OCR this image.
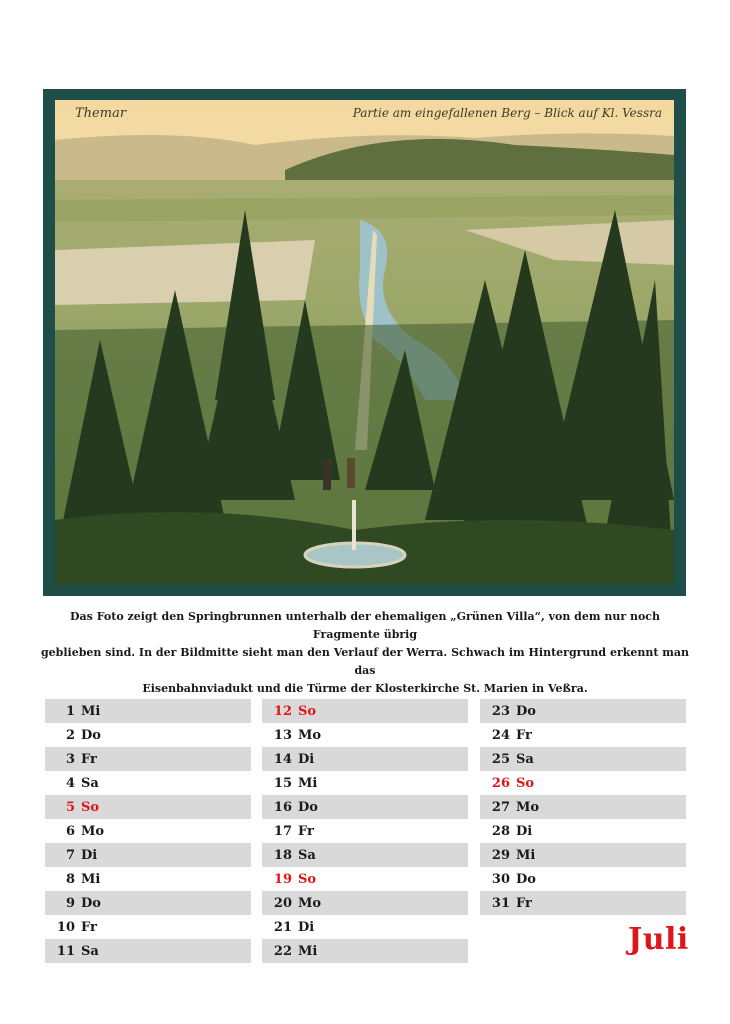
Themar	Partie am eingefallenen Berg – Blick auf Kl. Vessra
Das Foto zeigt den Springbrunnen unterhalb der ehemaligen „Grünen Villa“, von dem nur noch Fragmente übrig
geblieben sind. In der Bildmitte sieht man den Verlauf der Werra. Schwach im Hintergrund erkennt man das
Eisenbahnviadukt und die Türme der Klosterkirche St. Marien in Veßra.
1 Mi
2 Do
3 Fr
4 Sa
5 So
6 Mo
7 Di
8 Mi
9 Do
10 Fr
11 Sa
12 So
13 Mo
14 Di
15 Mi
16 Do
17 Fr
18 Sa
19 So
20 Mo
21 Di
22 Mi
23 Do
24 Fr
25 Sa
26 So
27 Mo
28 Di
29 Mi
30 Do
31 Fr
Juli
